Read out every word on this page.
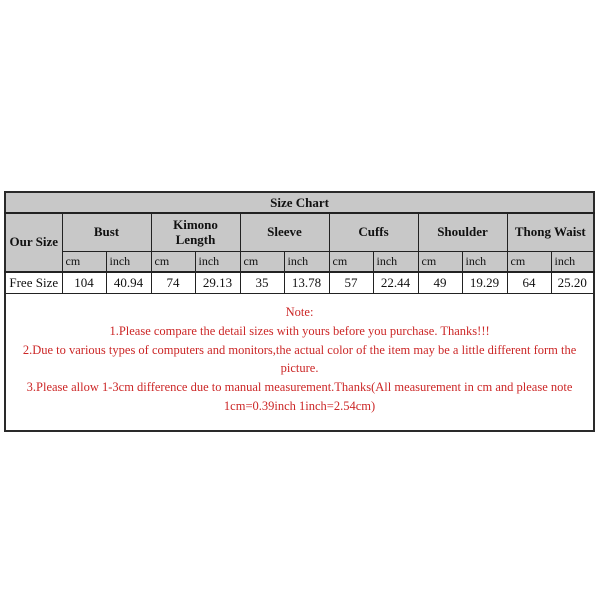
Size Chart												
Our Size	Bust		Kimono Length		Sleeve		Cuffs		Shoulder		Thong Waist	
	cm	inch	cm	inch	cm	inch	cm	inch	cm	inch	cm	inch
Free Size	104	40.94	74	29.13	35	13.78	57	22.44	49	19.29	64	25.20

Note:
1.Please compare the detail sizes with yours before you purchase. Thanks!!!
2.Due to various types of computers and monitors,the actual color of the item may be a little different form the picture.
3.Please allow 1-3cm difference due to manual measurement.Thanks(All measurement in cm and please note 1cm=0.39inch 1inch=2.54cm)												
